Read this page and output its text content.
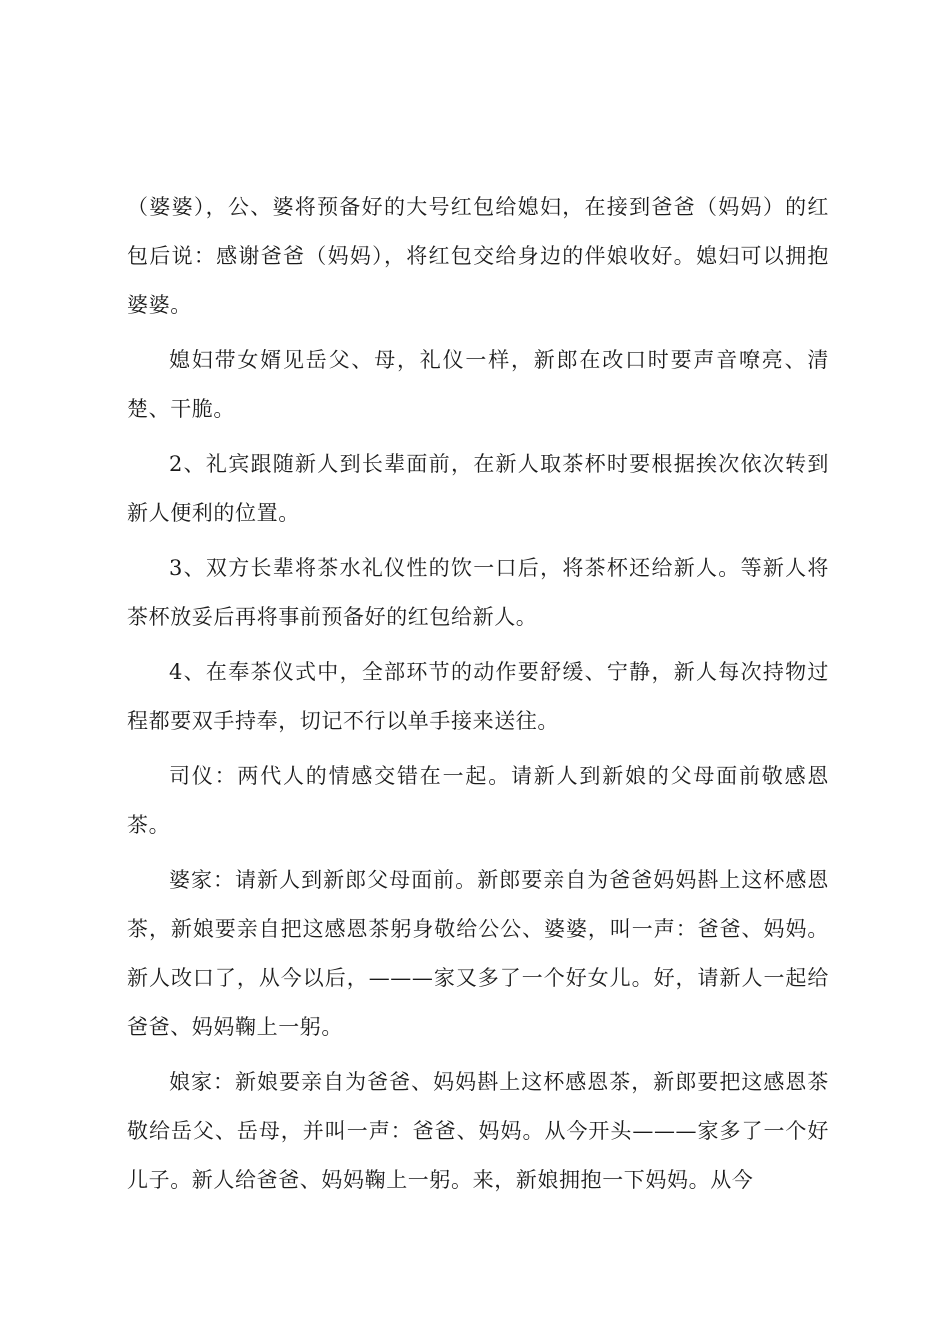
（婆婆），公、婆将预备好的大号红包给媳妇，在接到爸爸（妈妈）的红包后说：感谢爸爸（妈妈），将红包交给身边的伴娘收好。媳妇可以拥抱婆婆。

媳妇带女婿见岳父、母，礼仪一样，新郎在改口时要声音嘹亮、清楚、干脆。

2、礼宾跟随新人到长辈面前，在新人取茶杯时要根据挨次依次转到新人便利的位置。

3、双方长辈将茶水礼仪性的饮一口后，将茶杯还给新人。等新人将茶杯放妥后再将事前预备好的红包给新人。

4、在奉茶仪式中，全部环节的动作要舒缓、宁静，新人每次持物过程都要双手持奉，切记不行以单手接来送往。

司仪：两代人的情感交错在一起。请新人到新娘的父母面前敬感恩茶。

婆家：请新人到新郎父母面前。新郎要亲自为爸爸妈妈斟上这杯感恩茶，新娘要亲自把这感恩茶躬身敬给公公、婆婆，叫一声：爸爸、妈妈。新人改口了，从今以后，———家又多了一个好女儿。好，请新人一起给爸爸、妈妈鞠上一躬。

娘家：新娘要亲自为爸爸、妈妈斟上这杯感恩茶，新郎要把这感恩茶敬给岳父、岳母，并叫一声：爸爸、妈妈。从今开头———家多了一个好儿子。新人给爸爸、妈妈鞠上一躬。来，新娘拥抱一下妈妈。从今
